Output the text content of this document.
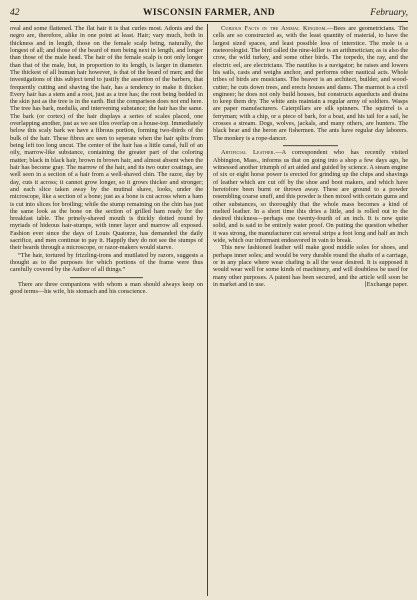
42	WISCONSIN FARMER, AND	February,

oval and some flattened. The flat hair it is that curles most. Adonis and the negro are, therefore, alike in one point at least. Hair; vary much, both in thickness and in length, those on the female scalp being, naturally, the longest of all; and those of the beard of men being next in length, and longer than those of the male head. The hair of the female scalp is not only longer than that of the male, but, in proportion to its length, is larger in diameter. The thickest of all human hair however, is that of the beard of men; and the investigations of this subject tend to justify the assertion of the barbers, that frequently cutting and shaving the hair, has a tendency to make it thicker. Every hair has a stem and a root, just as a tree has; the root being bedded in the skin just as the tree is in the earth. But the comparison does not end here. The tree has bark, medulla, and intervening substance; the hair has the same. The bark (or cortex) of the hair displays a series of scales placed, one overlapping another, just as we see tiles overlap on a house-top. Immediately below this scaly bark we have a fibrous portion, forming two-thirds of the bulk of the hair. These fibres are seen to seperate when the hair splits from being left too long uncut. The center of the hair has a little canal, full of an oily, marrow-like substance, containing the greater part of the coloring matter; black in black hair, brown in brown hair, and almost absent when the hair has become gray. The marrow of the hair, and its two outer coatings, are well seen in a section of a hair from a well-shaved chin. The razor, day by day, cuts it across; it cannot grow longer, so it grows thicker and stronger; and each slice taken away by the mutinal shave, looks, under the microscope, like a section of a bone; just as a bone is cut across when a ham is cut into slices for broiling; while the stump remaining on the chin has just the same look as the bone on the section of grilled ham ready for the breakfast table. The prinely-shaved mouth is thickly dotted round by myriads of hideous hair-stumps, with inner layer and marrow all exposed. Fashion ever since the days of Louis Quatorze, has demanded the daily sacrifice, and men continue to pay it. Happily they do not see the stumps of their beards through a microscope, or razor-makers would starve.

“The hair, tortured by frizzling-irons and mutilated by razors, suggests a thought as to the purposes for which portions of the frame were thus carefully covered by the Author of all things.”

There are three companions with whom a man should always keep on good terms—his wife, his stomach and his conscience.

Curious Facts in the Animal Kingdom.—Bees are geometricians. The cells are so constructed as, with the least quantity of material, to have the largest sized spaces, and least possible loss of interstice. The mole is a meteorologist. The bird called the nine-killer is an arithmetician; as is also the crow, the wild turkey, and some other birds. The torpedo, the ray, and the electric eel, are electricians. The nautilus is a navigator; he raises and lowers his sails, casts and weighs anchor, and performs other nautical acts. Whole tribes of birds are musicians. The beaver is an architect, builder, and wood-cutter; he cuts down trees, and erects houses and dams. The marmot is a civil engineer; he does not only build houses, but constructs aqueducts and drains to keep them dry. The white ants maintain a regular army of soldiers. Wasps are paper manufacturers. Caterpillars are silk spinners. The squirrel is a ferryman; with a chip, or a piece of bark, for a boat, and his tail for a sail, he crosses a stream. Dogs, wolves, jackals, and many others, are hunters. The black bear and the heron are fishermen. The ants have regular day laborers. The monkey is a rope-dancer.

Artificial Leather.—A correspondent who has recently visited Abbington, Mass., informs us that on going into a shop a few days ago, he witnessed another triumph of art aided and guided by science. A steam engine of six or eight horse power is erected for grinding up the chips and shavings of leather which are cut off by the shoe and boot makers, and which have heretofore been burnt or thrown away. These are ground to a powder resembling coarse snuff, and this powder is then mixed with certain gums and other substances, so thoroughly that the whole mass becomes a kind of melted leather. In a short time this dries a little, and is rolled out to the desired thickness—perhaps one twenty-fourth of an inch. It is now quite solid, and is said to be entirely water proof. On putting the question whether it was strong, the manufacturer cut several strips a foot long and half an inch wide, which our informant endeavored in vain to break.

This new fashioned leather will make good middle soles for shoes, and perhaps inner soles; and would be very durable round the shafts of a carriage, or in any place where wear chafing is all the wear desired. It is supposed it would wear well for some kinds of machinery, and will doubtless be used for many other purposes. A patent has been secured, and the article will soon be in market and in use.	[Exchange paper.
